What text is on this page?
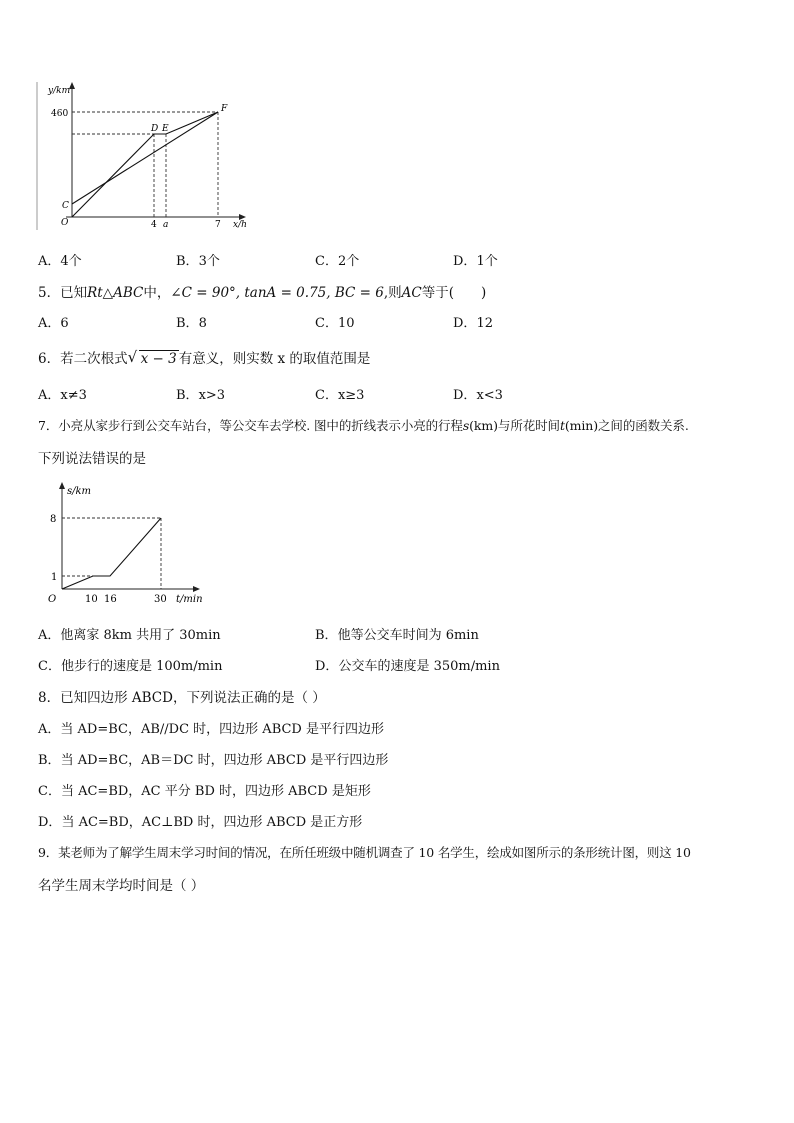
y/km
x/h
460
4 a	7
O
C
D E
F
A．4个	B．3个	C．2个	D．1个
5．已知Rt△ABC中，∠C = 90°, tanA = 0.75, BC = 6,则AC等于(　　)
A．6	B．8	C．10	D．12
6．若二次根式 √ x − 3 有意义，则实数 x 的取值范围是
A．x≠3	B．x>3	C．x≥3	D．x<3
7．小亮从家步行到公交车站台，等公交车去学校. 图中的折线表示小亮的行程s(km)与所花时间t(min)之间的函数关系.
下列说法错误的是
s/km
t/min
8
1
O	10 16	30
A．他离家 8km 共用了 30min	B．他等公交车时间为 6min
C．他步行的速度是 100m/min	D．公交车的速度是 350m/min
8．已知四边形 ABCD，下列说法正确的是（ ）
A．当 AD=BC，AB//DC 时，四边形 ABCD 是平行四边形
B．当 AD=BC，AB＝DC 时，四边形 ABCD 是平行四边形
C．当 AC=BD，AC 平分 BD 时，四边形 ABCD 是矩形
D．当 AC=BD，AC⊥BD 时，四边形 ABCD 是正方形
9．某老师为了解学生周末学习时间的情况，在所任班级中随机调查了 10 名学生，绘成如图所示的条形统计图，则这 10
名学生周末学均时间是（ ）
